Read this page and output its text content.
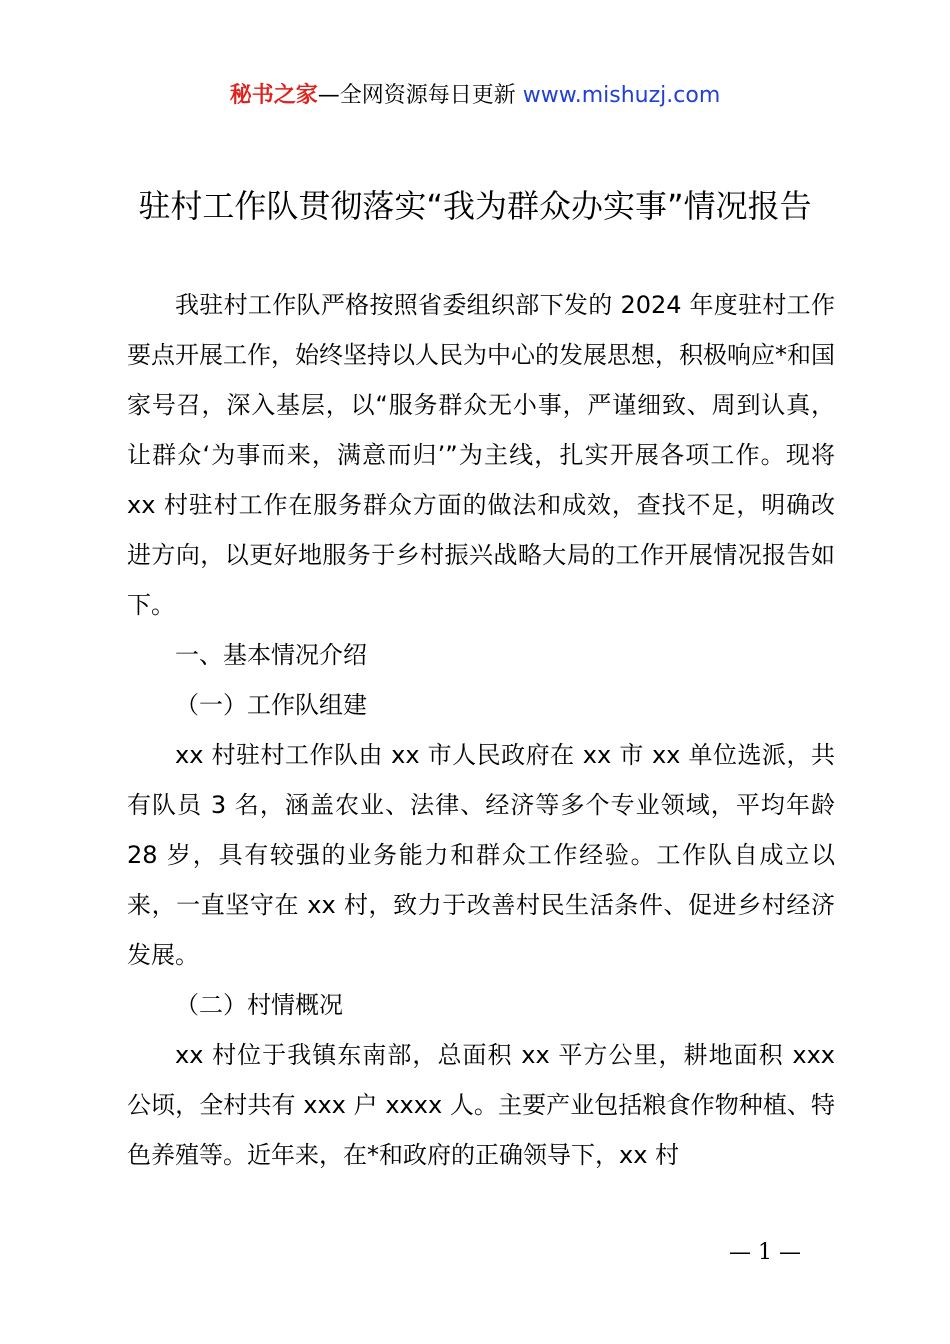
秘书之家—全网资源每日更新 www.mishuzj.com
驻村工作队贯彻落实“我为群众办实事”情况报告

我驻村工作队严格按照省委组织部下发的 2024 年度驻村工作要点开展工作，始终坚持以人民为中心的发展思想，积极响应*和国家号召，深入基层，以“服务群众无小事，严谨细致、周到认真，让群众‘为事而来，满意而归’”为主线，扎实开展各项工作。现将 xx 村驻村工作在服务群众方面的做法和成效，查找不足，明确改进方向，以更好地服务于乡村振兴战略大局的工作开展情况报告如下。

一、基本情况介绍

（一）工作队组建

xx 村驻村工作队由 xx 市人民政府在 xx 市 xx 单位选派，共有队员 3 名，涵盖农业、法律、经济等多个专业领域，平均年龄 28 岁，具有较强的业务能力和群众工作经验。工作队自成立以来，一直坚守在 xx 村，致力于改善村民生活条件、促进乡村经济发展。

（二）村情概况

xx 村位于我镇东南部，总面积 xx 平方公里，耕地面积 xxx 公顷，全村共有 xxx 户 xxxx 人。主要产业包括粮食作物种植、特色养殖等。近年来，在*和政府的正确领导下，xx 村

— 1 —
